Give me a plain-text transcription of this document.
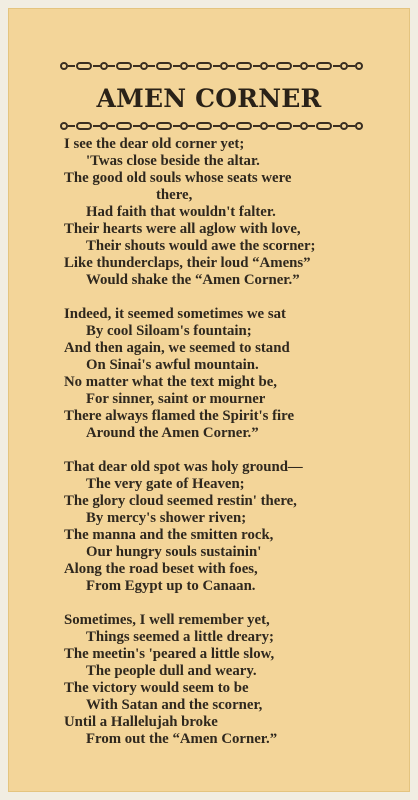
AMEN CORNER
I see the dear old corner yet;
'Twas close beside the altar.
The good old souls whose seats were
there,
Had faith that wouldn't falter.
Their hearts were all aglow with love,
Their shouts would awe the scorner;
Like thunderclaps, their loud “Amens”
Would shake the “Amen Corner.”
Indeed, it seemed sometimes we sat
By cool Siloam's fountain;
And then again, we seemed to stand
On Sinai's awful mountain.
No matter what the text might be,
For sinner, saint or mourner
There always flamed the Spirit's fire
Around the Amen Corner.”
That dear old spot was holy ground—
The very gate of Heaven;
The glory cloud seemed restin' there,
By mercy's shower riven;
The manna and the smitten rock,
Our hungry souls sustainin'
Along the road beset with foes,
From Egypt up to Canaan.
Sometimes, I well remember yet,
Things seemed a little dreary;
The meetin's 'peared a little slow,
The people dull and weary.
The victory would seem to be
With Satan and the scorner,
Until a Hallelujah broke
From out the “Amen Corner.”
